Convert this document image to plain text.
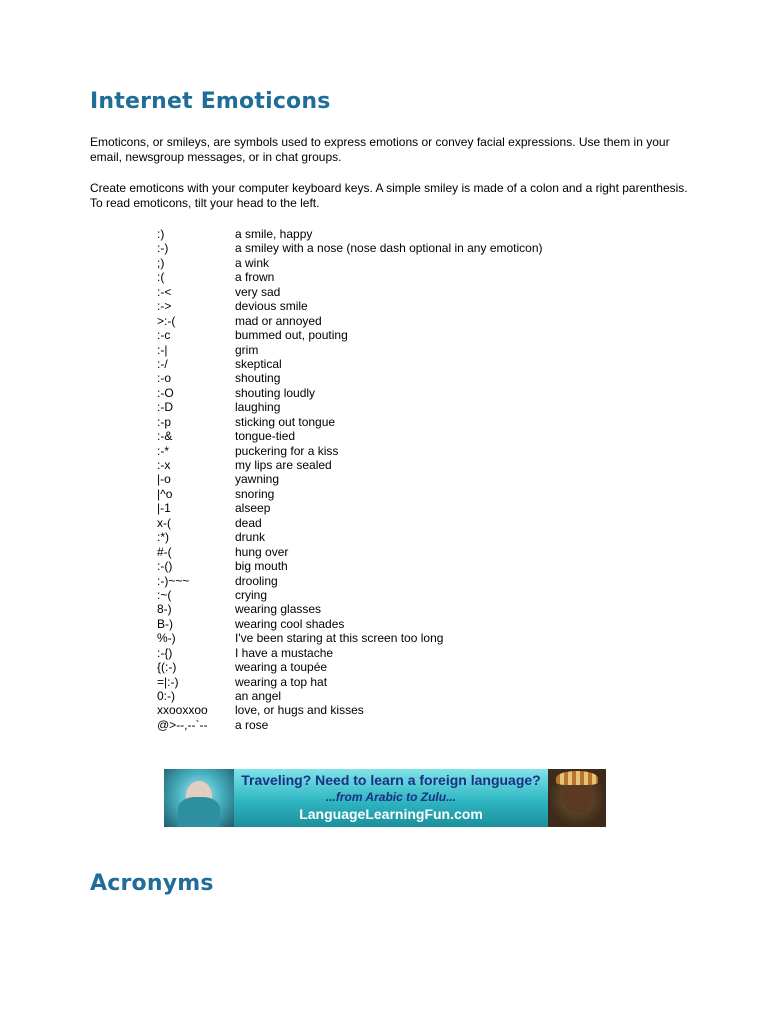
Internet Emoticons

Emoticons, or smileys, are symbols used to express emotions or convey facial expressions. Use them in your email, newsgroup messages, or in chat groups.

Create emoticons with your computer keyboard keys. A simple smiley is made of a colon and a right parenthesis. To read emoticons, tilt your head to the left.

:)	a smile, happy
:-)	a smiley with a nose (nose dash optional in any emoticon)
;)	a wink
:(	a frown
:-<	very sad
:->	devious smile
>:-(	mad or annoyed
:-c	bummed out, pouting
:-|	grim
:-/	skeptical
:-o	shouting
:-O	shouting loudly
:-D	laughing
:-p	sticking out tongue
:-&	tongue-tied
:-*	puckering for a kiss
:-x	my lips are sealed
|-o	yawning
|^o	snoring
|-1	alseep
x-(	dead
:*)	drunk
#-(	hung over
:-()	big mouth
:-)~~~	drooling
:~(	crying
8-)	wearing glasses
B-)	wearing cool shades
%-)	I've been staring at this screen too long
:-{)	I have a mustache
{(:-)	wearing a toupée
=|:-)	wearing a top hat
0:-)	an angel
xxooxxoo	love, or hugs and kisses
@>--,--`--	a rose
Traveling? Need to learn a foreign language?
...from Arabic to Zulu...
LanguageLearningFun.com
Acronyms
